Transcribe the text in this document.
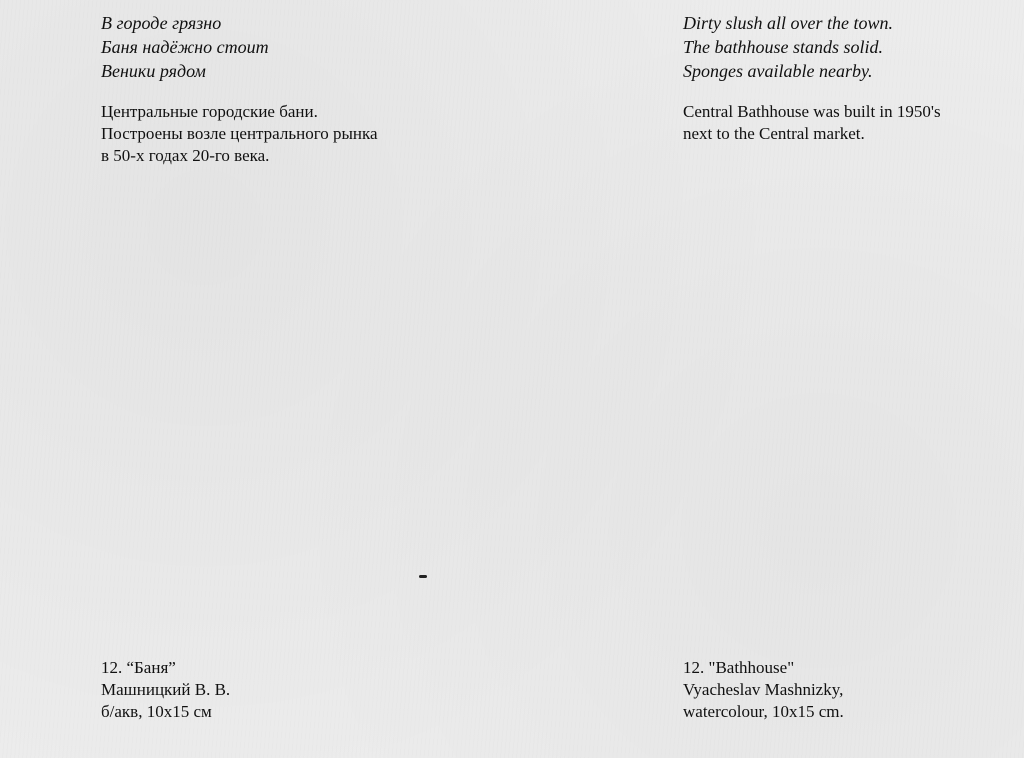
В городе грязно
Баня надёжно стоит
Веники рядом

Центральные городские бани.
Построены возле центрального рынка
в 50-х годах 20-го века.

12. “Баня”
Машницкий В. В.
б/акв, 10x15 см

Dirty slush all over the town.
The bathhouse stands solid.
Sponges available nearby.

Central Bathhouse was built in 1950's
next to the Central market.

12. "Bathhouse"
Vyacheslav Mashnizky,
watercolour, 10x15 cm.
